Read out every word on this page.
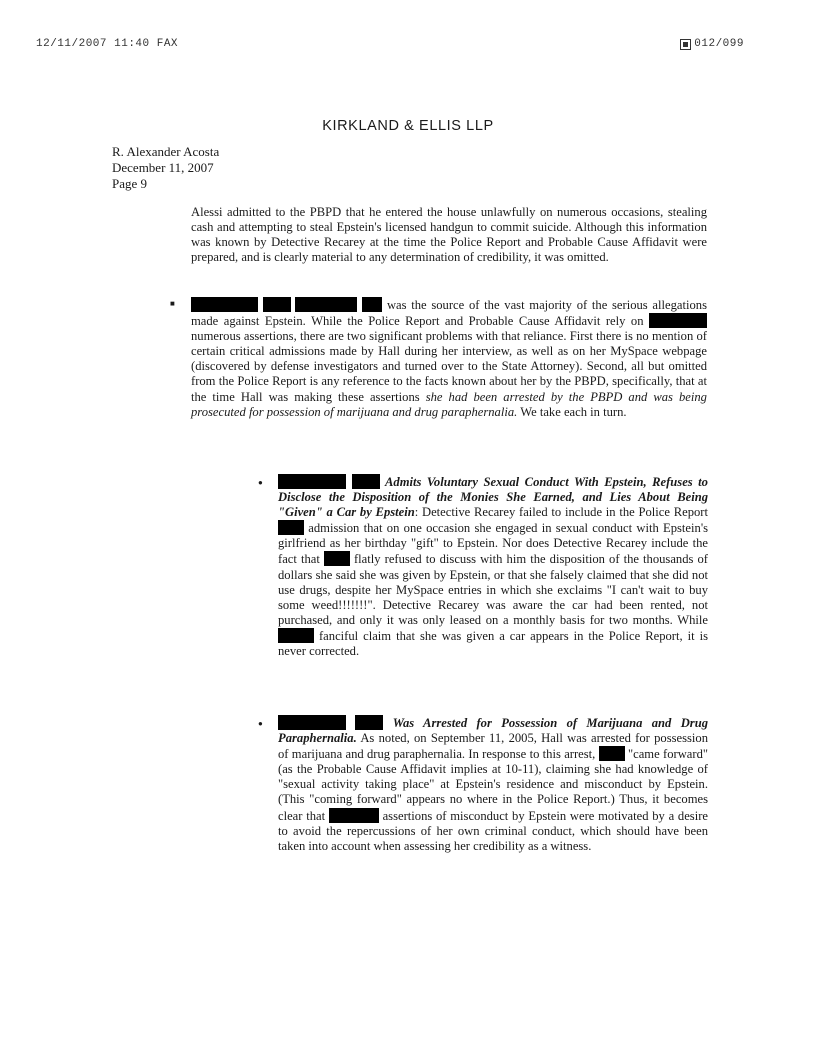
12/11/2007 11:40 FAX	012/099
KIRKLAND & ELLIS LLP
R. Alexander Acosta
December 11, 2007
Page 9

Alessi admitted to the PBPD that he entered the house unlawfully on numerous occasions, stealing cash and attempting to steal Epstein's licensed handgun to commit suicide. Although this information was known by Detective Recarey at the time the Police Report and Probable Cause Affidavit were prepared, and is clearly material to any determination of credibility, it was omitted.

■	was the source of the vast majority of the serious allegations made against Epstein. While the Police Report and Probable Cause Affidavit rely on  numerous assertions, there are two significant problems with that reliance. First there is no mention of certain critical admissions made by Hall during her interview, as well as on her MySpace webpage (discovered by defense investigators and turned over to the State Attorney). Second, all but omitted from the Police Report is any reference to the facts known about her by the PBPD, specifically, that at the time Hall was making these assertions she had been arrested by the PBPD and was being prosecuted for possession of marijuana and drug paraphernalia. We take each in turn.

●	Admits Voluntary Sexual Conduct With Epstein, Refuses to Disclose the Disposition of the Monies She Earned, and Lies About Being "Given" a Car by Epstein: Detective Recarey failed to include in the Police Report  admission that on one occasion she engaged in sexual conduct with Epstein's girlfriend as her birthday "gift" to Epstein. Nor does Detective Recarey include the fact that	flatly refused to discuss with him the disposition of the thousands of dollars she said she was given by Epstein, or that she falsely claimed that she did not use drugs, despite her MySpace entries in which she exclaims "I can't wait to buy some weed!!!!!!!". Detective Recarey was aware the car had been rented, not purchased, and only it was only leased on a monthly basis for two months. While  fanciful claim that she was given a car appears in the Police Report, it is never corrected.

●	Was Arrested for Possession of Marijuana and Drug Paraphernalia. As noted, on September 11, 2005, Hall was arrested for possession of marijuana and drug paraphernalia. In response to this arrest,	"came forward" (as the Probable Cause Affidavit implies at 10-11), claiming she had knowledge of "sexual activity taking place" at Epstein's residence and misconduct by Epstein. (This "coming forward" appears no where in the Police Report.) Thus, it becomes clear that	assertions of misconduct by Epstein were motivated by a desire to avoid the repercussions of her own criminal conduct, which should have been taken into account when assessing her credibility as a witness.
